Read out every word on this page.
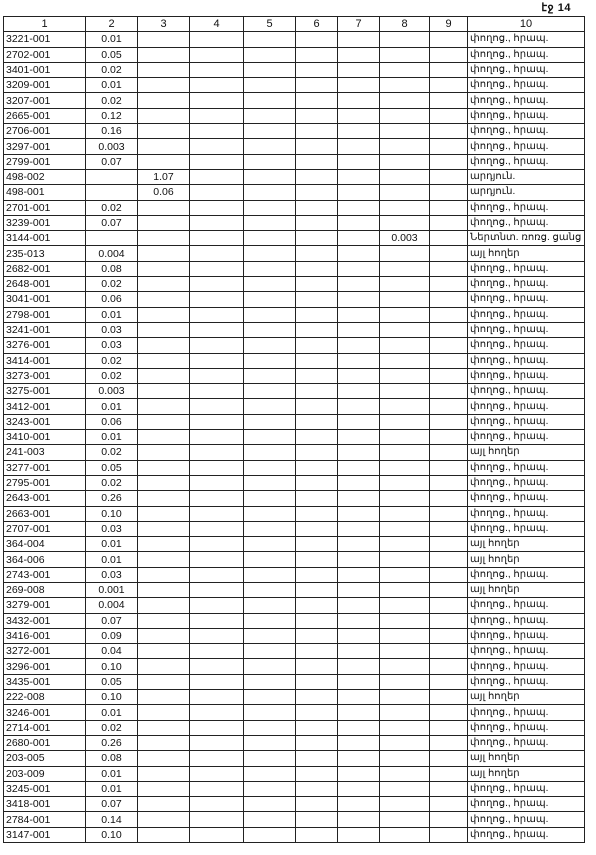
էջ 14
1	2	3	4	5	6	7	8	9	10
3221-001	0.01								փողոց., հրապ.
2702-001	0.05								փողոց., հրապ.
3401-001	0.02								փողոց., հրապ.
3209-001	0.01								փողոց., հրապ.
3207-001	0.02								փողոց., հրապ.
2665-001	0.12								փողոց., հրապ.
2706-001	0.16								փողոց., հրապ.
3297-001	0.003								փողոց., հրապ.
2799-001	0.07								փողոց., հրապ.
498-002		1.07							արդյուն.
498-001		0.06							արդյուն.
2701-001	0.02								փողոց., հրապ.
3239-001	0.07								փողոց., հրապ.
3144-001							0.003		Ներտնտ. ռոռց. ցանց
235-013	0.004								այլ հողեր
2682-001	0.08								փողոց., հրապ.
2648-001	0.02								փողոց., հրապ.
3041-001	0.06								փողոց., հրապ.
2798-001	0.01								փողոց., հրապ.
3241-001	0.03								փողոց., հրապ.
3276-001	0.03								փողոց., հրապ.
3414-001	0.02								փողոց., հրապ.
3273-001	0.02								փողոց., հրապ.
3275-001	0.003								փողոց., հրապ.
3412-001	0.01								փողոց., հրապ.
3243-001	0.06								փողոց., հրապ.
3410-001	0.01								փողոց., հրապ.
241-003	0.02								այլ հողեր
3277-001	0.05								փողոց., հրապ.
2795-001	0.02								փողոց., հրապ.
2643-001	0.26								փողոց., հրապ.
2663-001	0.10								փողոց., հրապ.
2707-001	0.03								փողոց., հրապ.
364-004	0.01								այլ հողեր
364-006	0.01								այլ հողեր
2743-001	0.03								փողոց., հրապ.
269-008	0.001								այլ հողեր
3279-001	0.004								փողոց., հրապ.
3432-001	0.07								փողոց., հրապ.
3416-001	0.09								փողոց., հրապ.
3272-001	0.04								փողոց., հրապ.
3296-001	0.10								փողոց., հրապ.
3435-001	0.05								փողոց., հրապ.
222-008	0.10								այլ հողեր
3246-001	0.01								փողոց., հրապ.
2714-001	0.02								փողոց., հրապ.
2680-001	0.26								փողոց., հրապ.
203-005	0.08								այլ հողեր
203-009	0.01								այլ հողեր
3245-001	0.01								փողոց., հրապ.
3418-001	0.07								փողոց., հրապ.
2784-001	0.14								փողոց., հրապ.
3147-001	0.10								փողոց., հրապ.
